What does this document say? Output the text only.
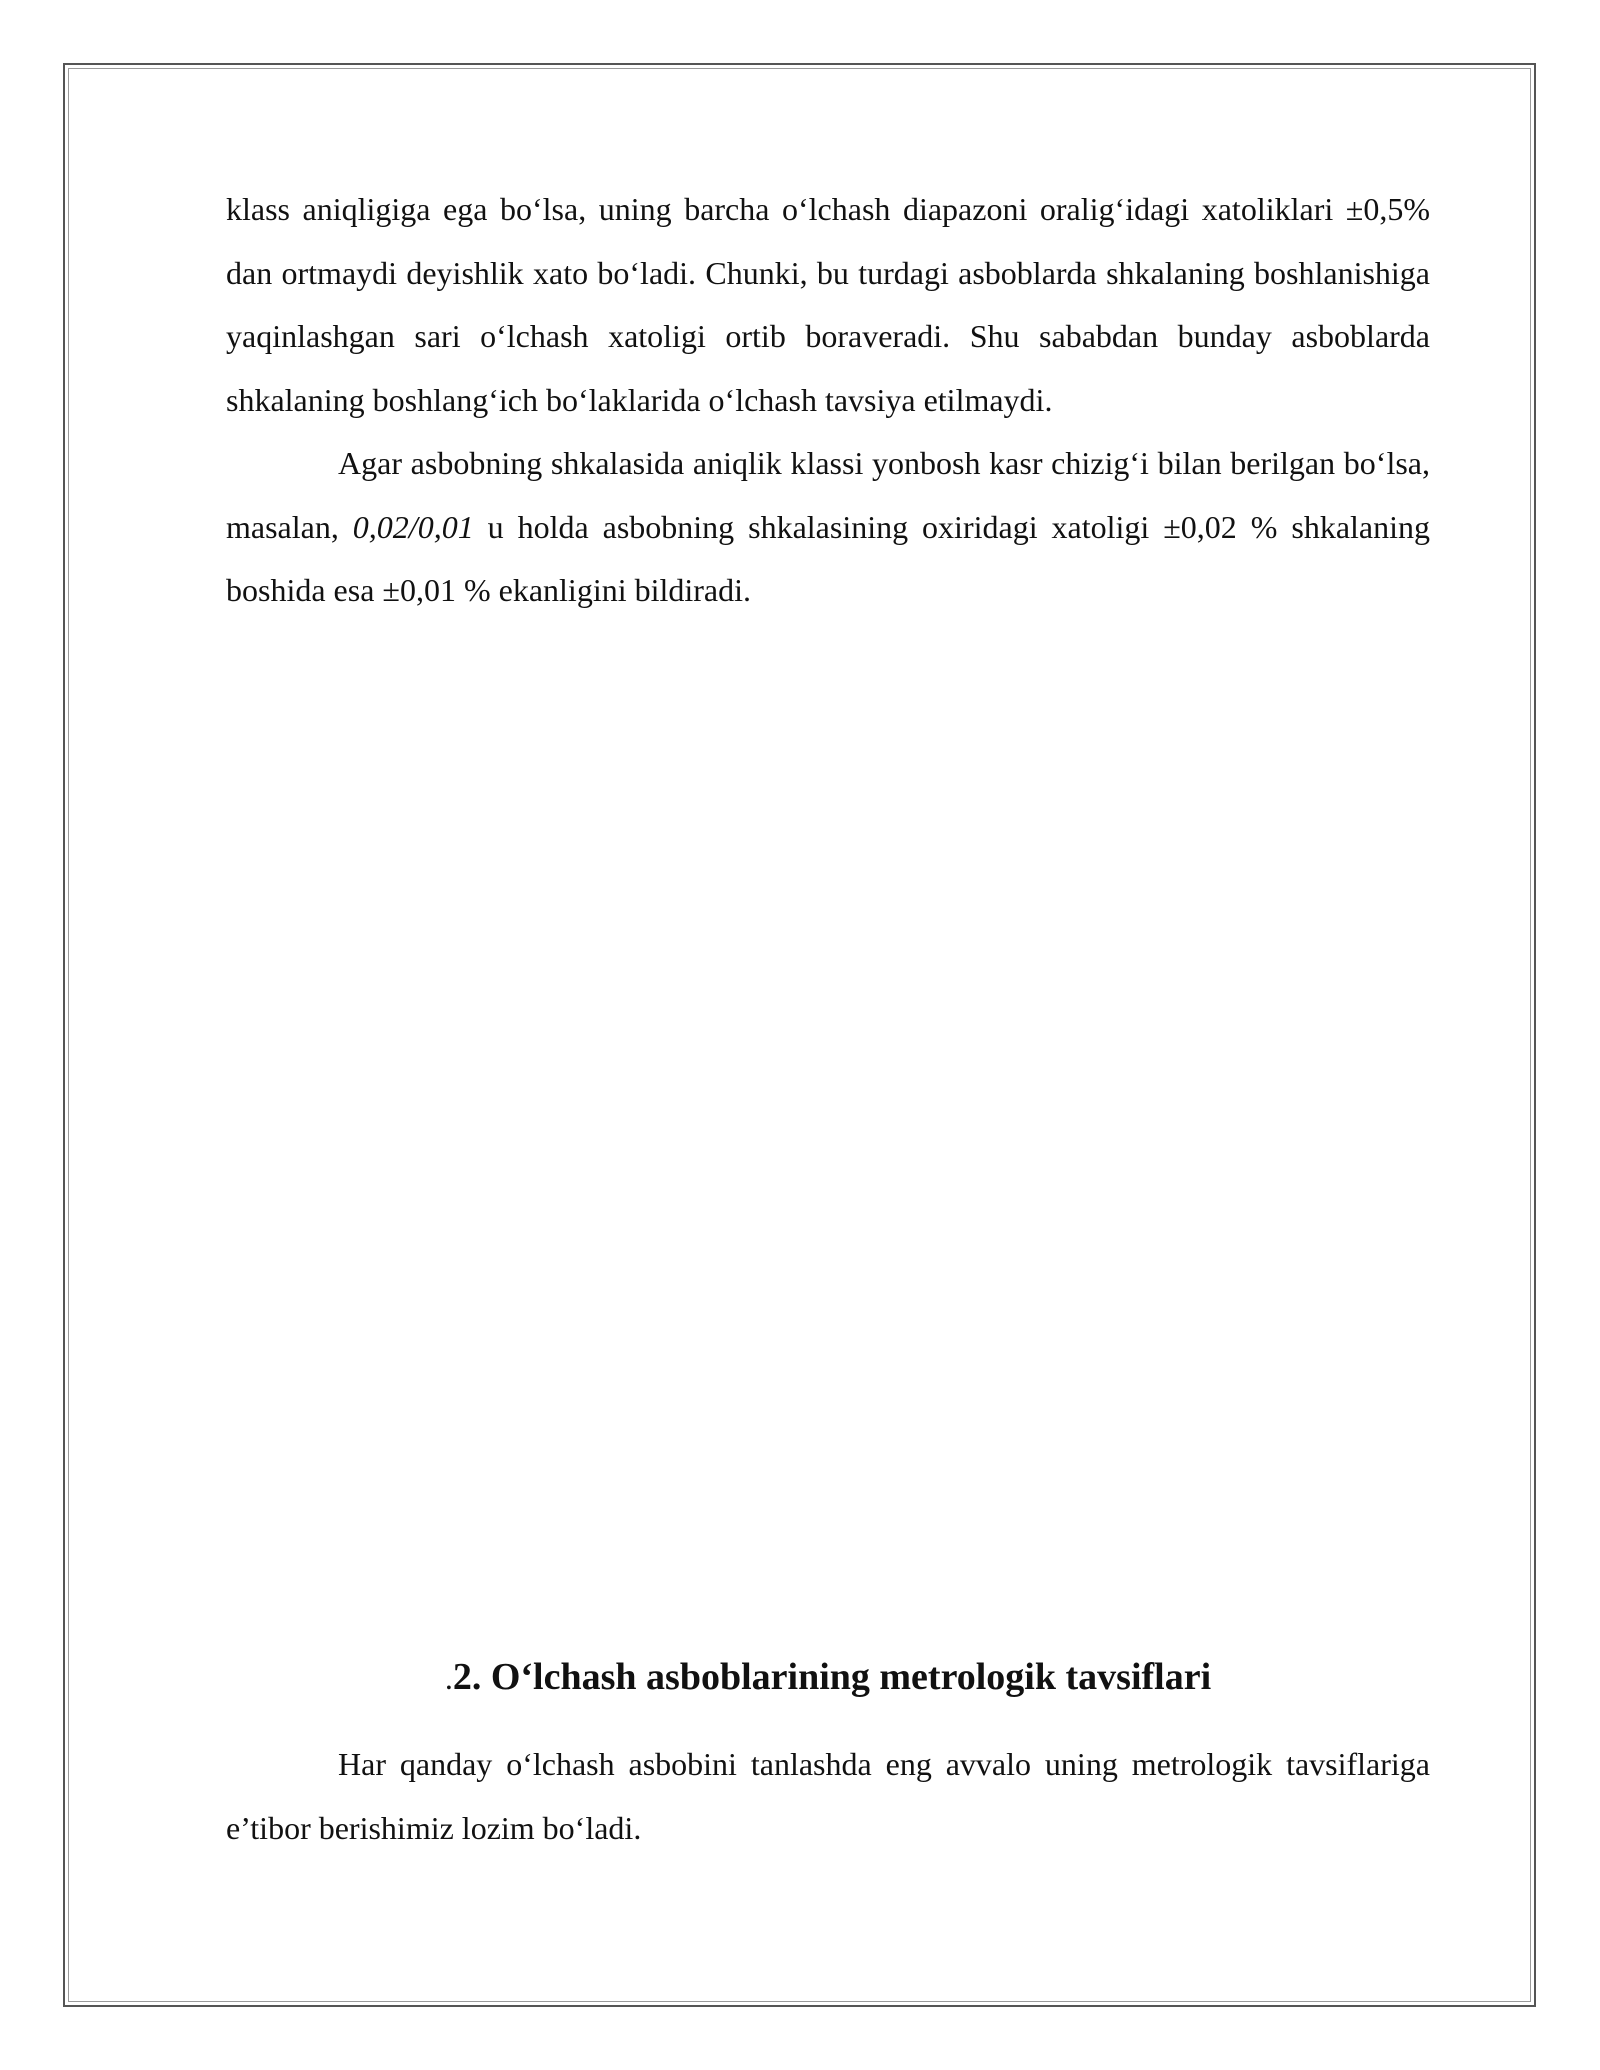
klass aniqligiga ega bo‘lsa, uning barcha o‘lchash diapazoni oralig‘idagi xatoliklari ±0,5% dan ortmaydi deyishlik xato bo‘ladi. Chunki, bu turdagi asboblarda shkalaning boshlanishiga yaqinlashgan sari o‘lchash xatoligi ortib boraveradi. Shu sababdan bunday asboblarda shkalaning boshlang‘ich bo‘laklarida o‘lchash tavsiya etilmaydi.

Agar asbobning shkalasida aniqlik klassi yonbosh kasr chizig‘i bilan berilgan bo‘lsa, masalan, 0,02/0,01 u holda asbobning shkalasining oxiridagi xatoligi ±0,02 % shkalaning boshida esa ±0,01 % ekanligini bildiradi.

.2. O‘lchash asboblarining metrologik tavsiflari

Har qanday o‘lchash asbobini tanlashda eng avvalo uning metrologik tavsiflariga e’tibor berishimiz lozim bo‘ladi.
